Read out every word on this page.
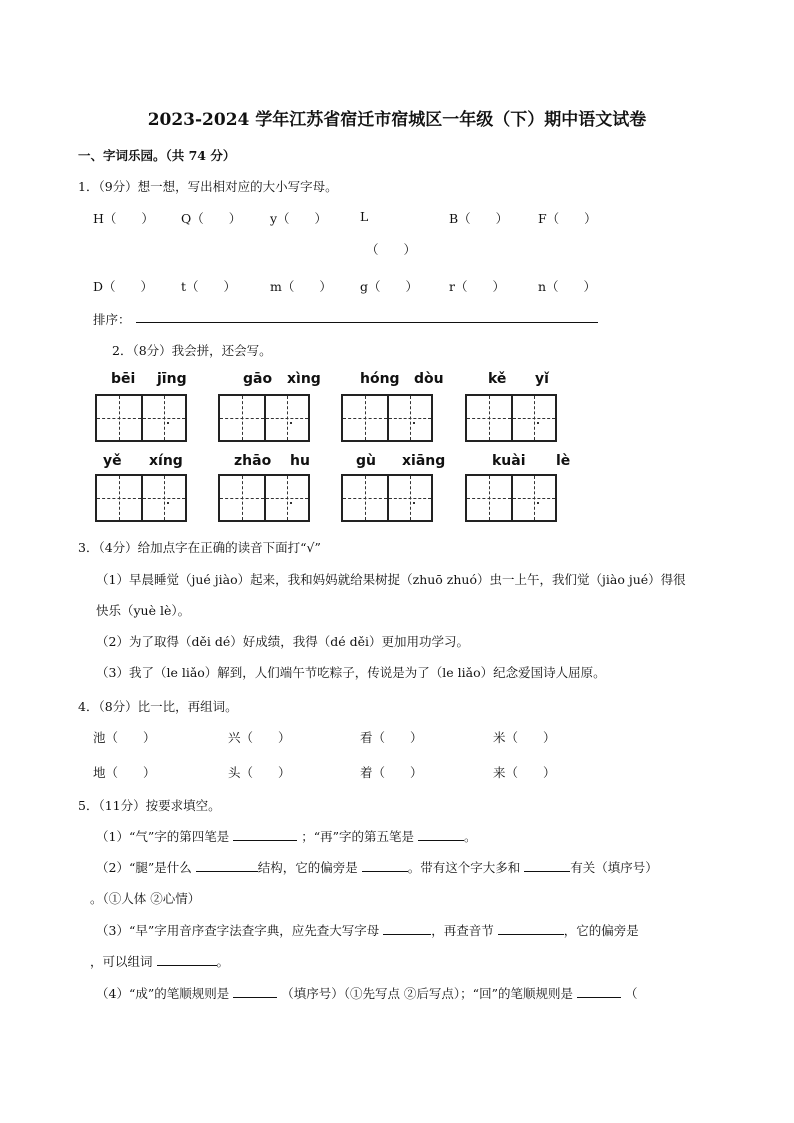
2023-2024 学年江苏省宿迁市宿城区一年级（下）期中语文试卷
一、字词乐园。（共 74 分）
1．（9分）想一想，写出相对应的大小写字母。
H（　　） Q（　　） y（　　）	L	B（　　） F（　　）
（　　）
D（　　） t（　　）	m（　　） g（　　） r（　　）	n（　　）
排序：
2．（8分）我会拼，还会写。
bēi jīng	gāo xìng	hóng dòu	kě yǐ
yě xíng	zhāo hu	gù xiāng	kuài lè
3．（4分）给加点字在正确的读音下面打“√”
（1）早晨睡觉（jué jiào）起来，我和妈妈就给果树捉（zhuō zhuó）虫一上午，我们觉（jiào jué）得很
快乐（yuè lè）。
（2）为了取得（děi dé）好成绩，我得（dé děi）更加用功学习。
（3）我了（le liǎo）解到，人们端午节吃粽子，传说是为了（le liǎo）纪念爱国诗人屈原。
4．（8分）比一比，再组词。
池（　　）	兴（　　）	看（　　）	米（　　）
地（　　）	头（　　）	着（　　）	来（　　）
5．（11分）按要求填空。
（1）“气”字的第四笔是	；“再”字的第五笔是	。
（2）“腿”是什么	结构，它的偏旁是	。带有这个字大多和	有关（填序号）
。（①人体 ②心情）
（3）“早”字用音序查字法查字典，应先查大写字母	，再查音节	，它的偏旁是
，可以组词	。
（4）“成”的笔顺规则是	（填序号）（①先写点 ②后写点）；“回”的笔顺规则是	（
